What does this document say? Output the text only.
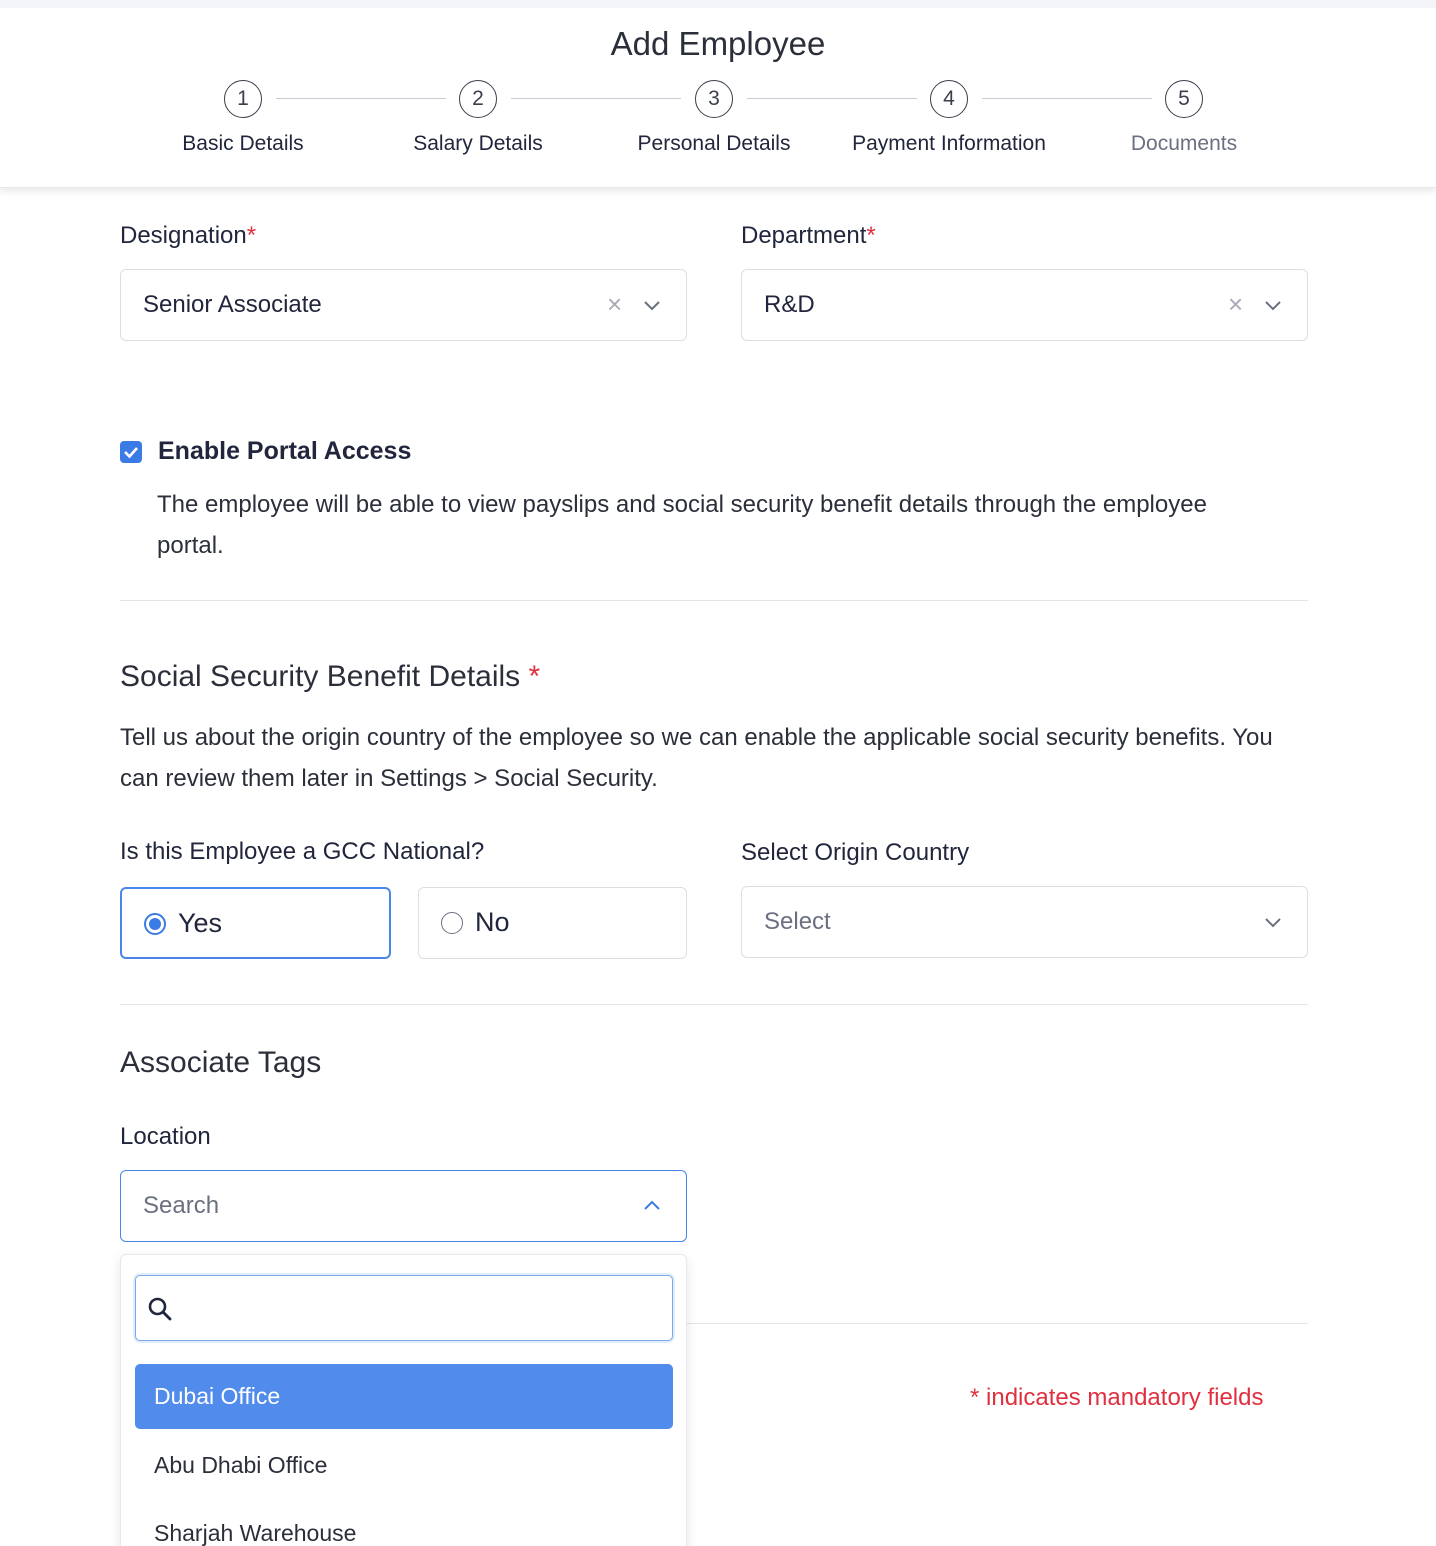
Add Employee
1
Basic Details
2
Salary Details
3
Personal Details
4
Payment Information
5
Documents
Designation*
Senior Associate	×
Department*
R&D	×
Enable Portal Access
The employee will be able to view payslips and social security benefit details through the employee portal.
Social Security Benefit Details *
Tell us about the origin country of the employee so we can enable the applicable social security benefits. You can review them later in Settings > Social Security.
Is this Employee a GCC National?	Select Origin Country
Yes	No	Select
Associate Tags
Location
Search
* indicates mandatory fields
Dubai Office
Abu Dhabi Office
Sharjah Warehouse
